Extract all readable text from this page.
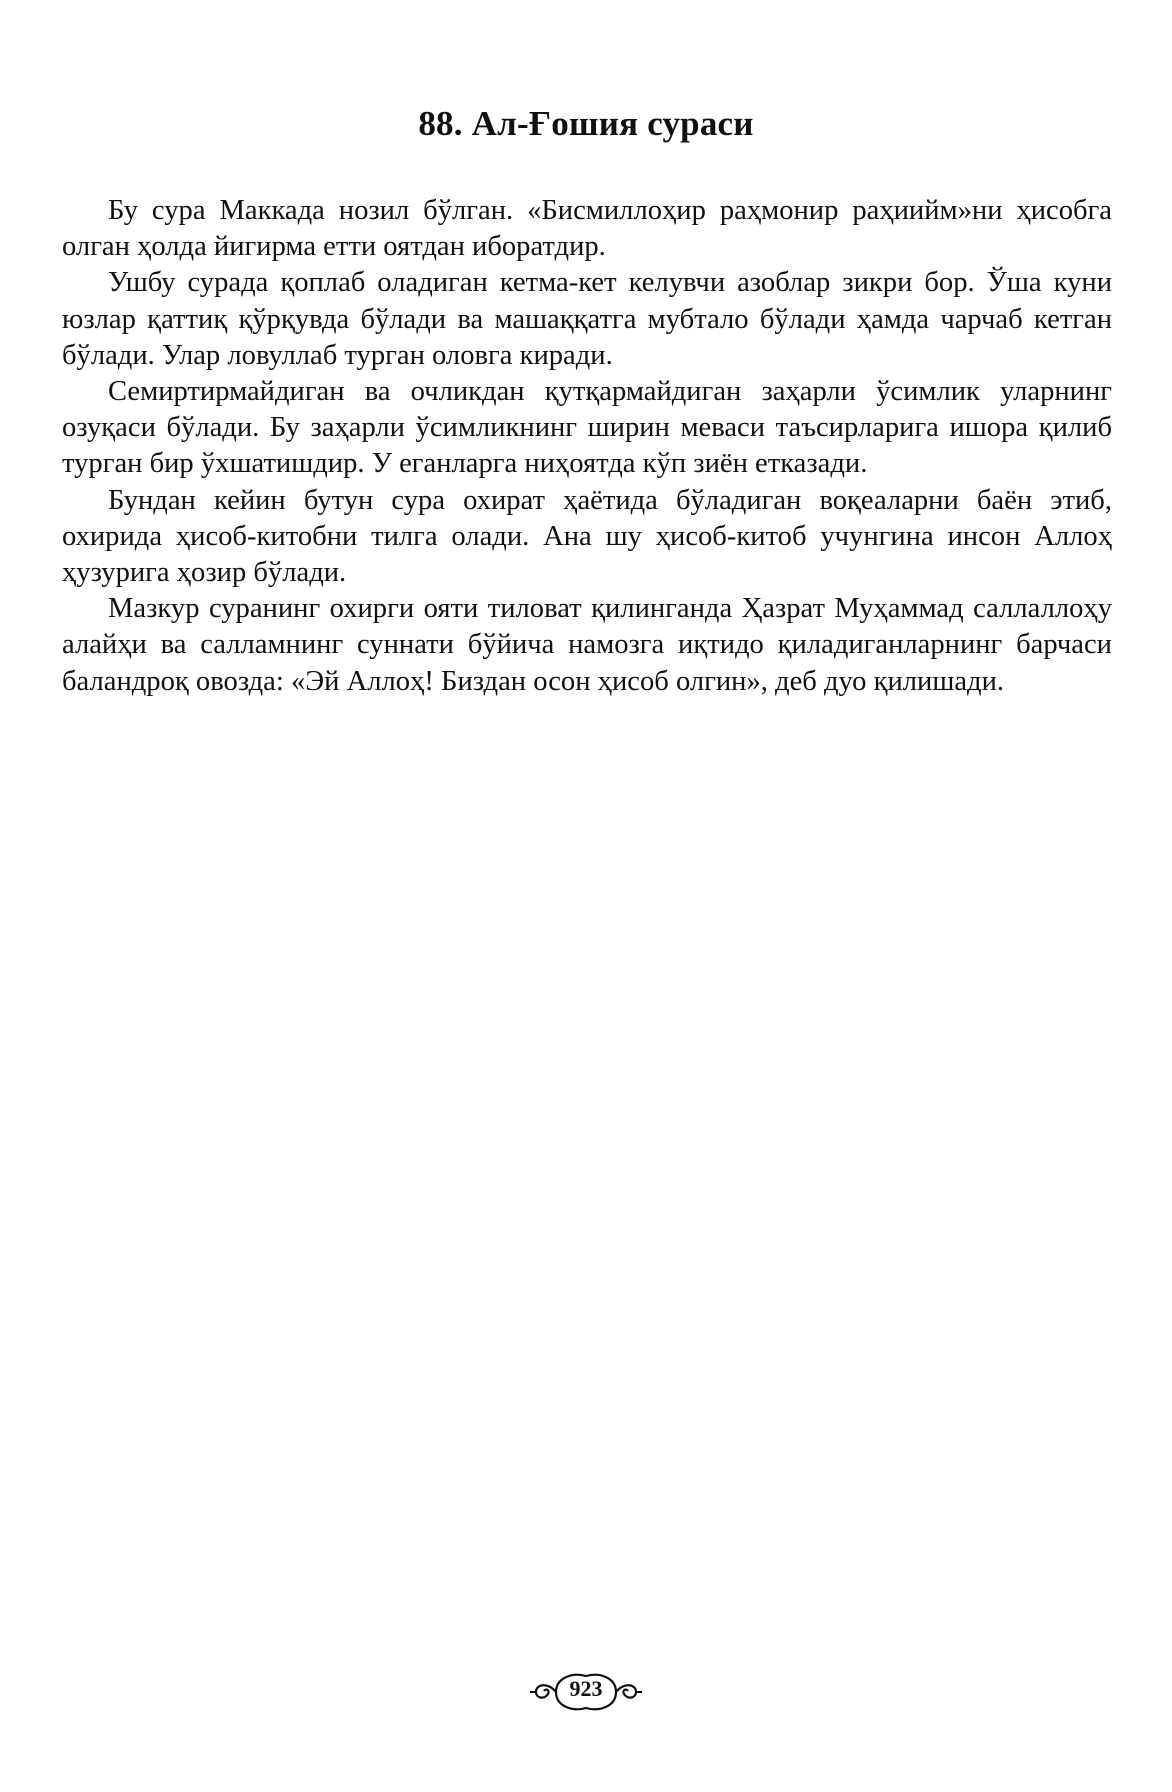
88. Ал-Ғошия сураси

Бу сура Маккада нозил бўлган. «Бисмиллоҳир раҳмонир раҳиийм»ни ҳисобга олган ҳолда йигирма етти оятдан иборатдир.

Ушбу сурада қоплаб оладиган кетма-кет келувчи азоблар зикри бор. Ўша куни юзлар қаттиқ қўрқувда бўлади ва машаққатга мубтало бўлади ҳамда чарчаб кетган бўлади. Улар ловуллаб турган оловга киради.

Семиртирмайдиган ва очликдан қутқармайдиган заҳарли ўсимлик уларнинг озуқаси бўлади. Бу заҳарли ўсимликнинг ширин меваси таъсирларига ишора қилиб турган бир ўхшатишдир. У еганларга ниҳоятда кўп зиён етказади.

Бундан кейин бутун сура охират ҳаётида бўладиган воқеаларни баён этиб, охирида ҳисоб-китобни тилга олади. Ана шу ҳисоб-китоб учунгина инсон Аллоҳ ҳузурига ҳозир бўлади.

Мазкур суранинг охирги ояти тиловат қилинганда Ҳазрат Муҳаммад саллаллоҳу алайҳи ва салламнинг суннати бўйича намозга иқтидо қиладиганларнинг барчаси баландроқ овозда: «Эй Аллоҳ! Биздан осон ҳисоб олгин», деб дуо қилишади.

923
